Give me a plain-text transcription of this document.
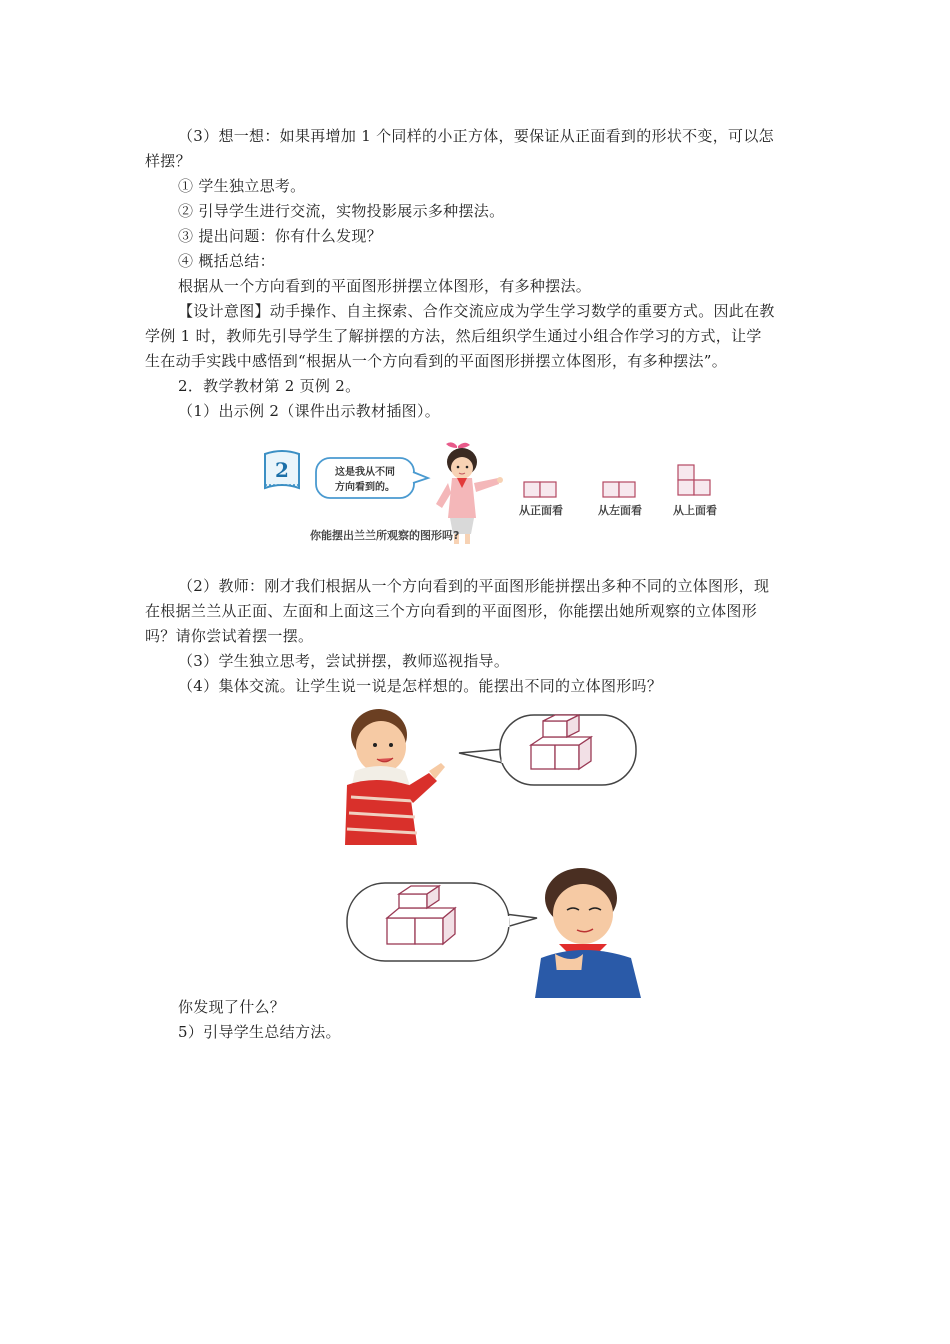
（3）想一想：如果再增加 1 个同样的小正方体，要保证从正面看到的形状不变，可以怎
样摆？
① 学生独立思考。
② 引导学生进行交流，实物投影展示多种摆法。
③ 提出问题：你有什么发现？
④ 概括总结：
根据从一个方向看到的平面图形拼摆立体图形，有多种摆法。
【设计意图】动手操作、自主探索、合作交流应成为学生学习数学的重要方式。因此在教
学例 1 时，教师先引导学生了解拼摆的方法，然后组织学生通过小组合作学习的方式，让学
生在动手实践中感悟到“根据从一个方向看到的平面图形拼摆立体图形，有多种摆法”。
2．教学教材第 2 页例 2。
（1）出示例 2（课件出示教材插图）。
2	这是我从不同
方向看到的。
从正面看	从左面看	从上面看
你能摆出兰兰所观察的图形吗?
（2）教师：刚才我们根据从一个方向看到的平面图形能拼摆出多种不同的立体图形，现
在根据兰兰从正面、左面和上面这三个方向看到的平面图形，你能摆出她所观察的立体图形
吗？请你尝试着摆一摆。
（3）学生独立思考，尝试拼摆，教师巡视指导。
（4）集体交流。让学生说一说是怎样想的。能摆出不同的立体图形吗？
你发现了什么？
5）引导学生总结方法。
